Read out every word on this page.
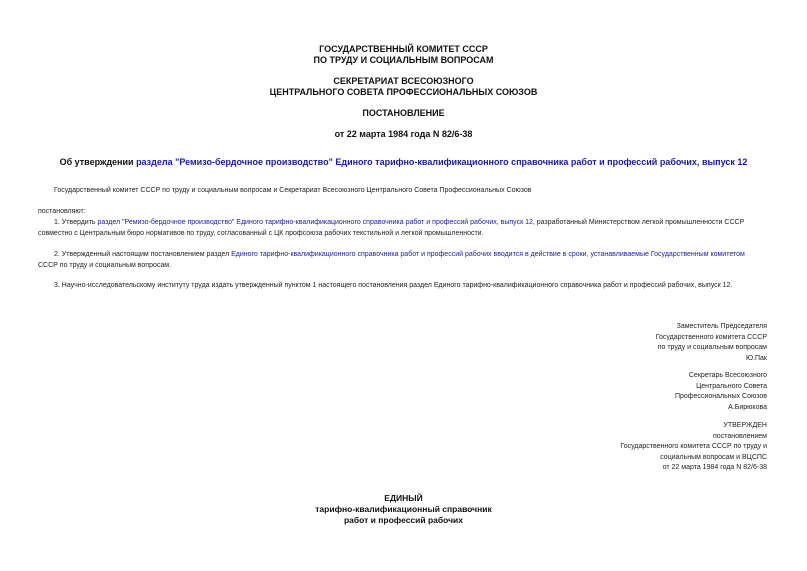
ГОСУДАРСТВЕННЫЙ КОМИТЕТ СССР
ПО ТРУДУ И СОЦИАЛЬНЫМ ВОПРОСАМ
СЕКРЕТАРИАТ ВСЕСОЮЗНОГО
ЦЕНТРАЛЬНОГО СОВЕТА ПРОФЕССИОНАЛЬНЫХ СОЮЗОВ
ПОСТАНОВЛЕНИЕ
от 22 марта 1984 года N 82/6-38
Об утверждении раздела "Ремизо-бердочное производство" Единого тарифно-квалификационного справочника работ и профессий рабочих, выпуск 12
Государственный комитет СССР по труду и социальным вопросам и Секретариат Всесоюзного Центрального Совета Профессиональных Союзов
постановляют:
1. Утвердить раздел "Ремизо-бердочное производство" Единого тарифно-квалификационного справочника работ и профессий рабочих, выпуск 12, разработанный Министерством легкой промышленности СССР
совместно с Центральным бюро нормативов по труду, согласованный с ЦК профсоюза рабочих текстильной и легкой промышленности.
2. Утвержденный настоящим постановлением раздел Единого тарифно-квалификационного справочника работ и профессий рабочих вводится в действие в сроки, устанавливаемые Государственным комитетом
СССР по труду и социальным вопросам.
3. Научно-исследовательскому институту труда издать утвержденный пунктом 1 настоящего постановления раздел Единого тарифно-квалификационного справочника работ и профессий рабочих, выпуск 12.
Заместитель Председателя
Государственного комитета СССР
по труду и социальным вопросам
Ю.Пак
Секретарь Всесоюзного
Центрального Совета
Профессиональных Союзов
А.Бирюкова
УТВЕРЖДЕН
постановлением
Государственного комитета СССР по труду и
социальным вопросам и ВЦСПС
от 22 марта 1984 года N 82/6-38
ЕДИНЫЙ
тарифно-квалификационный справочник
работ и профессий рабочих
